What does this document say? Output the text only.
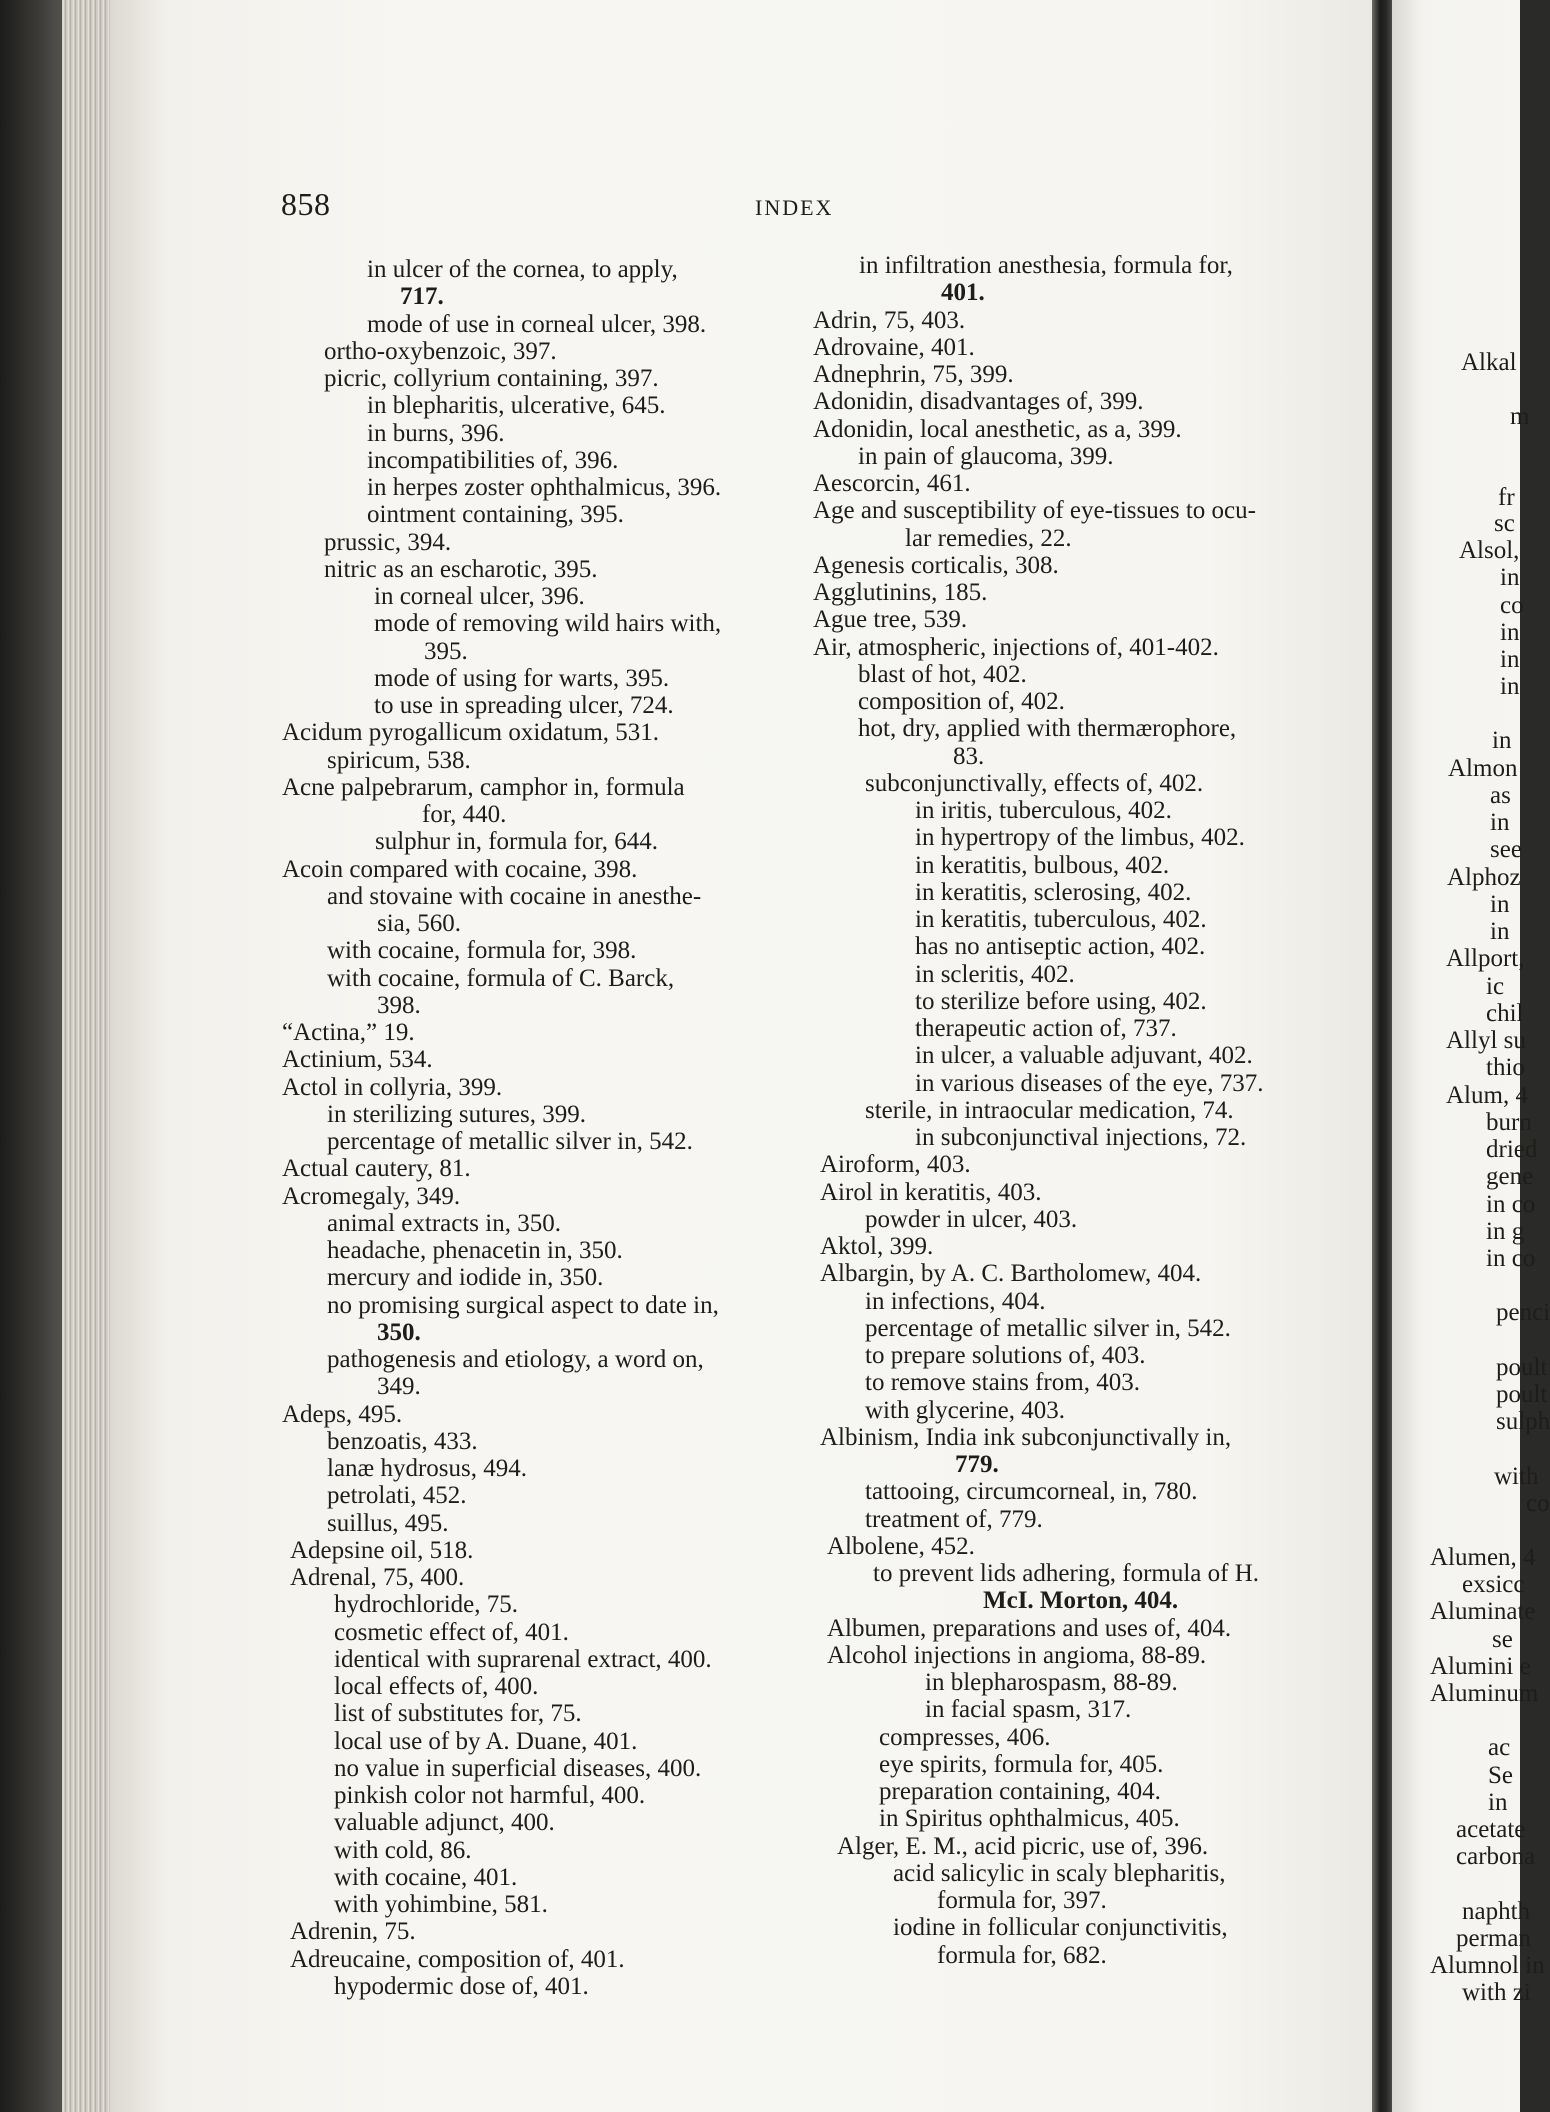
858	INDEX
in ulcer of the cornea, to apply,
717.
mode of use in corneal ulcer, 398.
ortho-oxybenzoic, 397.
picric, collyrium containing, 397.
in blepharitis, ulcerative, 645.
in burns, 396.
incompatibilities of, 396.
in herpes zoster ophthalmicus, 396.
ointment containing, 395.
prussic, 394.
nitric as an escharotic, 395.
in corneal ulcer, 396.
mode of removing wild hairs with,
395.
mode of using for warts, 395.
to use in spreading ulcer, 724.
Acidum pyrogallicum oxidatum, 531.
spiricum, 538.
Acne palpebrarum, camphor in, formula
for, 440.
sulphur in, formula for, 644.
Acoin compared with cocaine, 398.
and stovaine with cocaine in anesthe-
sia, 560.
with cocaine, formula for, 398.
with cocaine, formula of C. Barck,
398.
“Actina,” 19.
Actinium, 534.
Actol in collyria, 399.
in sterilizing sutures, 399.
percentage of metallic silver in, 542.
Actual cautery, 81.
Acromegaly, 349.
animal extracts in, 350.
headache, phenacetin in, 350.
mercury and iodide in, 350.
no promising surgical aspect to date in,
350.
pathogenesis and etiology, a word on,
349.
Adeps, 495.
benzoatis, 433.
lanæ hydrosus, 494.
petrolati, 452.
suillus, 495.
Adepsine oil, 518.
Adrenal, 75, 400.
hydrochloride, 75.
cosmetic effect of, 401.
identical with suprarenal extract, 400.
local effects of, 400.
list of substitutes for, 75.
local use of by A. Duane, 401.
no value in superficial diseases, 400.
pinkish color not harmful, 400.
valuable adjunct, 400.
with cold, 86.
with cocaine, 401.
with yohimbine, 581.
Adrenin, 75.
Adreucaine, composition of, 401.
hypodermic dose of, 401.
in infiltration anesthesia, formula for,
401.
Adrin, 75, 403.
Adrovaine, 401.
Adnephrin, 75, 399.
Adonidin, disadvantages of, 399.
Adonidin, local anesthetic, as a, 399.
in pain of glaucoma, 399.
Aescorcin, 461.
Age and susceptibility of eye-tissues to ocu-
lar remedies, 22.
Agenesis corticalis, 308.
Agglutinins, 185.
Ague tree, 539.
Air, atmospheric, injections of, 401-402.
blast of hot, 402.
composition of, 402.
hot, dry, applied with thermærophore,
83.
subconjunctivally, effects of, 402.
in iritis, tuberculous, 402.
in hypertropy of the limbus, 402.
in keratitis, bulbous, 402.
in keratitis, sclerosing, 402.
in keratitis, tuberculous, 402.
has no antiseptic action, 402.
in scleritis, 402.
to sterilize before using, 402.
therapeutic action of, 737.
in ulcer, a valuable adjuvant, 402.
in various diseases of the eye, 737.
sterile, in intraocular medication, 74.
in subconjunctival injections, 72.
Airoform, 403.
Airol in keratitis, 403.
powder in ulcer, 403.
Aktol, 399.
Albargin, by A. C. Bartholomew, 404.
in infections, 404.
percentage of metallic silver in, 542.
to prepare solutions of, 403.
to remove stains from, 403.
with glycerine, 403.
Albinism, India ink subconjunctivally in,
779.
tattooing, circumcorneal, in, 780.
treatment of, 779.
Albolene, 452.
to prevent lids adhering, formula of H.
McI. Morton, 404.
Albumen, preparations and uses of, 404.
Alcohol injections in angioma, 88-89.
in blepharospasm, 88-89.
in facial spasm, 317.
compresses, 406.
eye spirits, formula for, 405.
preparation containing, 404.
in Spiritus ophthalmicus, 405.
Alger, E. M., acid picric, use of, 396.
acid salicylic in scaly blepharitis,
formula for, 397.
iodine in follicular conjunctivitis,
formula for, 682.
Alkal
m
fr
sc
Alsol,
in
co
in
in
in
in
Almon
as
in
see
Alphoz
in
in
Allport,
ic
chil
Allyl su
thio
Alum, 4
burn
dried
gene
in co
in g
in co
penci
poult
poult
sulph
with
co
Alumen, 4
exsicc
Aluminate
se
Alumini e
Aluminum
ac
Se
in
acetate
carbona
naphth
perman
Alumnol in
with zi
